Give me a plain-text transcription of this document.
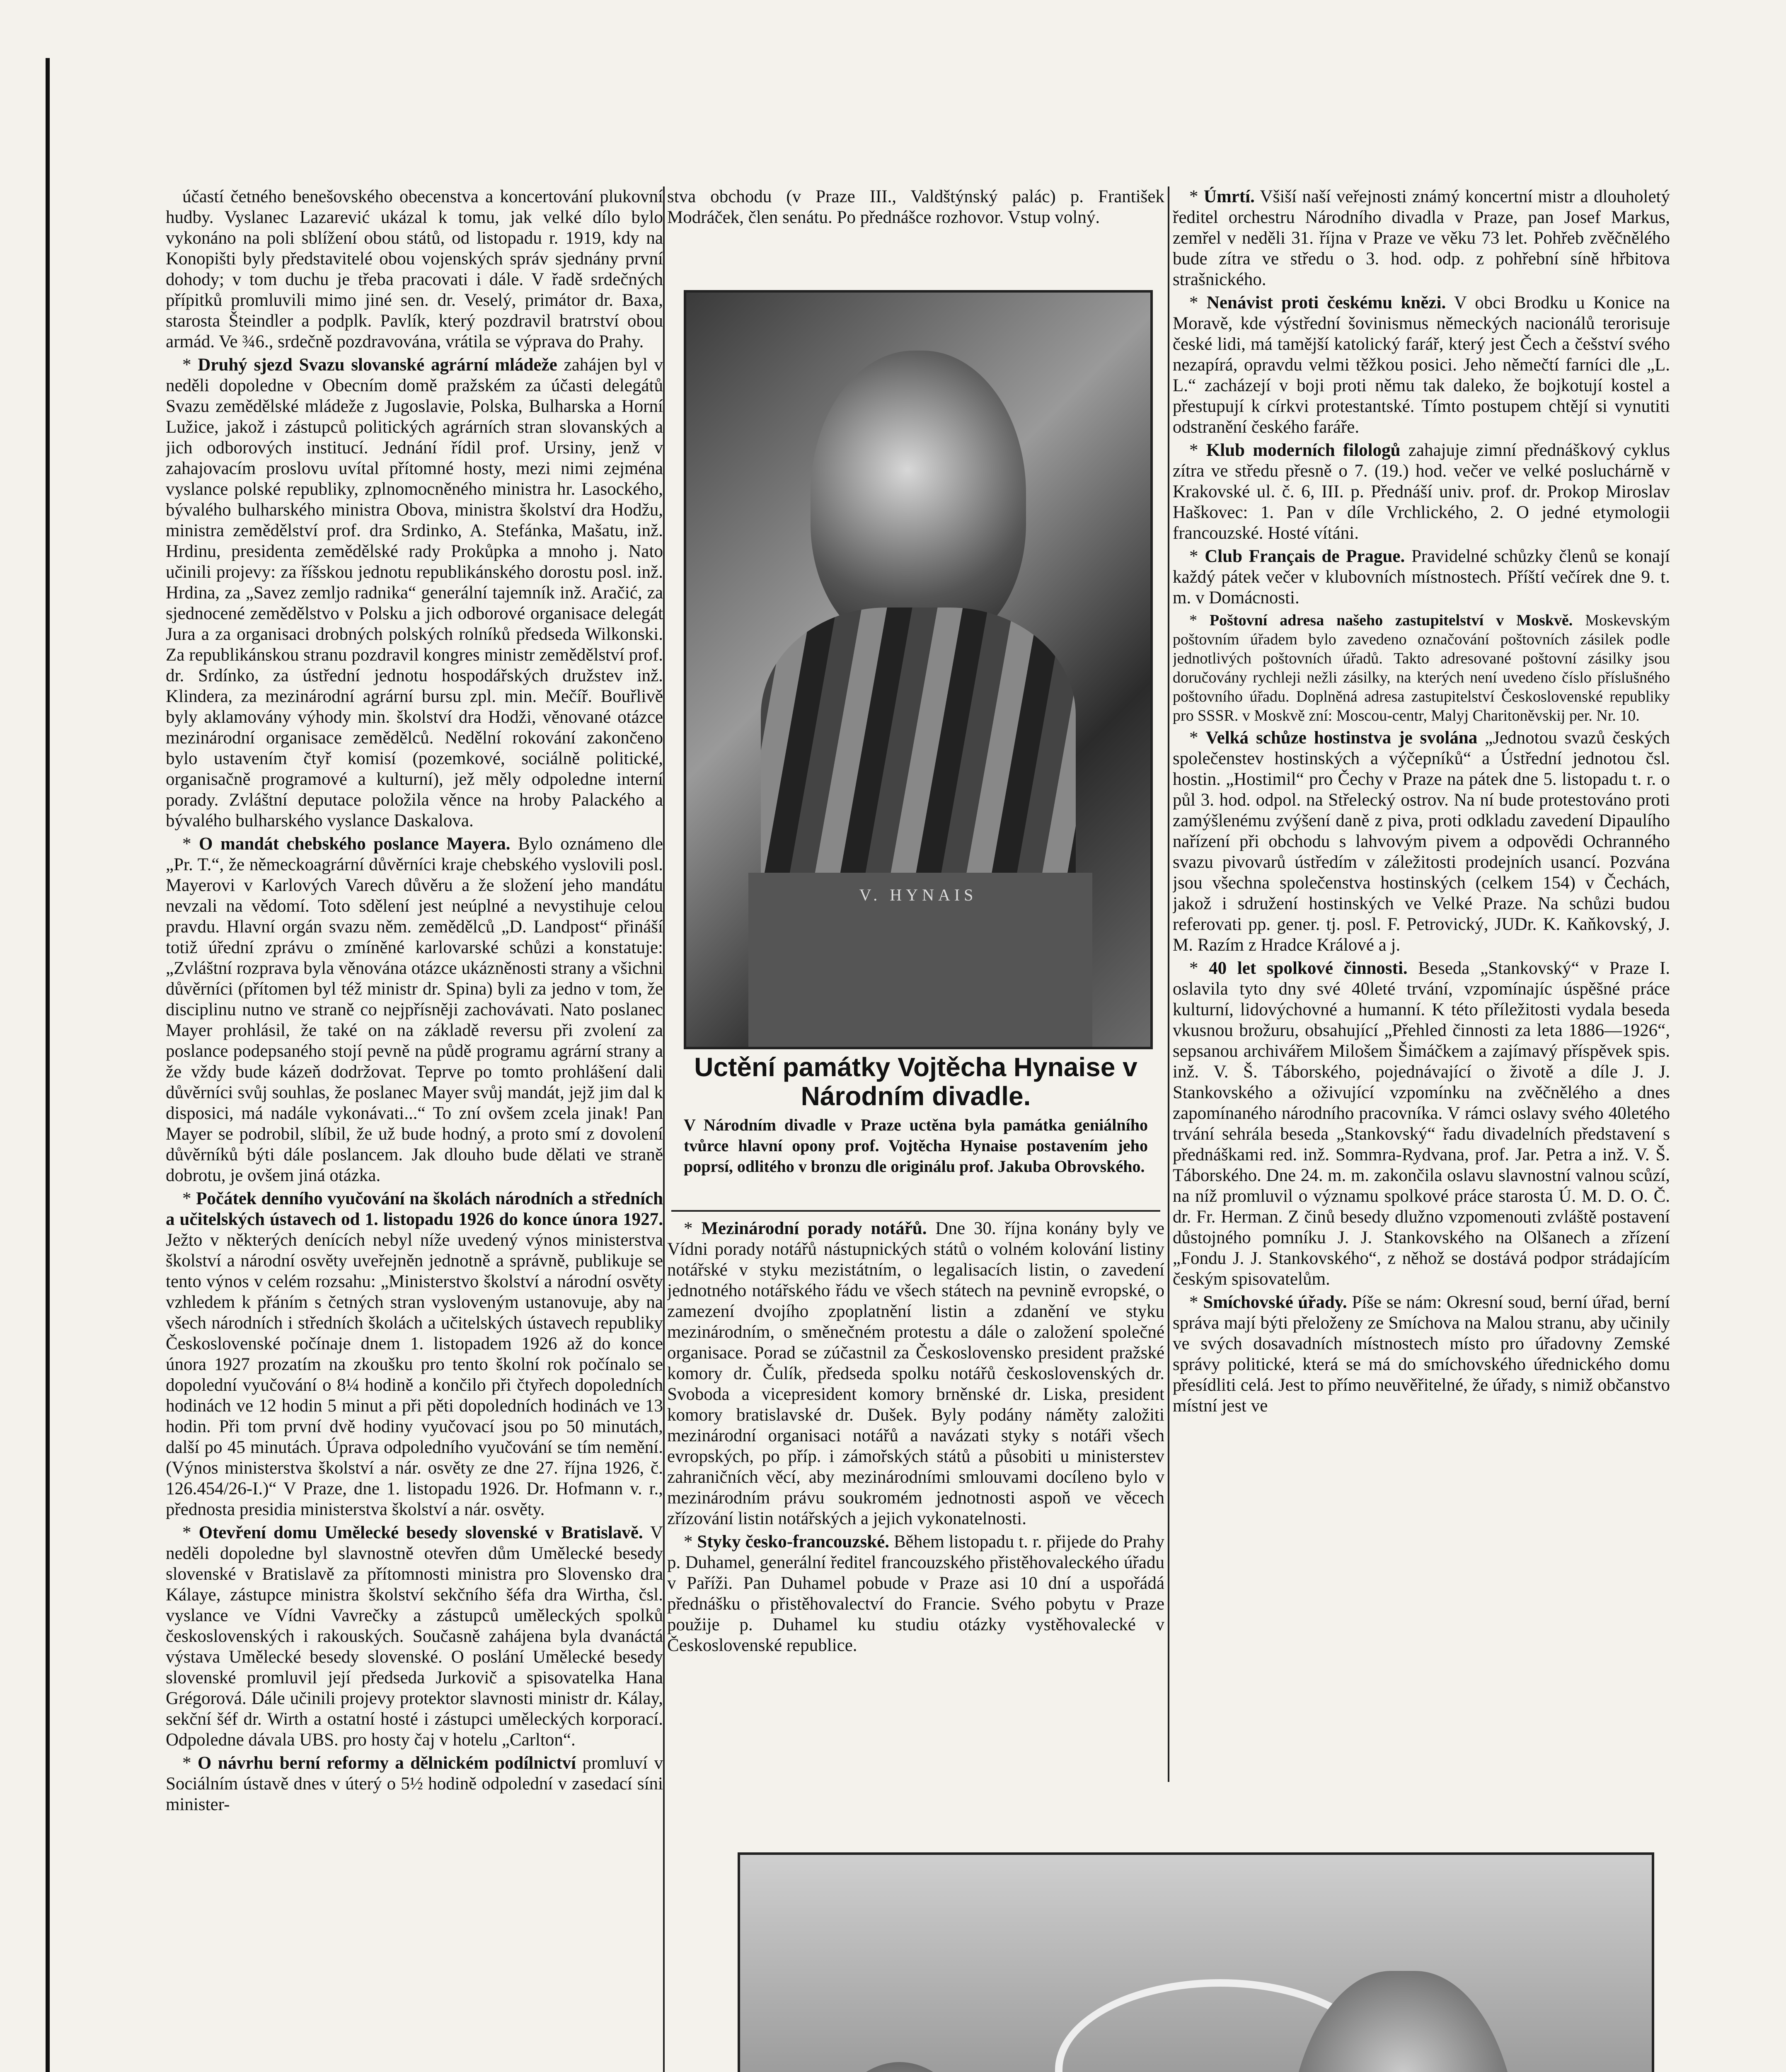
účastí četného benešovského obecenstva a koncertování plukovní hudby. Vyslanec Lazarević ukázal k tomu, jak velké dílo bylo vykonáno na poli sblížení obou států, od listopadu r. 1919, kdy na Konopišti byly představitelé obou vojenských správ sjednány první dohody; v tom duchu je třeba pracovati i dále. V řadě srdečných přípitků promluvili mimo jiné sen. dr. Veselý, primátor dr. Baxa, starosta Šteindler a podplk. Pavlík, který pozdravil bratrství obou armád. Ve ¾6., srdečně pozdravována, vrátila se výprava do Prahy.

* Druhý sjezd Svazu slovanské agrární mládeže zahájen byl v neděli dopoledne v Obecním domě pražském za účasti delegátů Svazu zemědělské mládeže z Jugoslavie, Polska, Bulharska a Horní Lužice, jakož i zástupců politických agrárních stran slovanských a jich odborových institucí. Jednání řídil prof. Ursiny, jenž v zahajovacím proslovu uvítal přítomné hosty, mezi nimi zejména vyslance polské republiky, zplnomocněného ministra hr. Lasockého, bývalého bulharského ministra Obova, ministra školství dra Hodžu, ministra zemědělství prof. dra Srdinko, A. Stefánka, Mašatu, inž. Hrdinu, presidenta zemědělské rady Prokůpka a mnoho j. Nato učinili projevy: za říšskou jednotu republikánského dorostu posl. inž. Hrdina, za „Savez zemljo radnika“ generální tajemník inž. Aračić, za sjednocené zemědělstvo v Polsku a jich odborové organisace delegát Jura a za organisaci drobných polských rolníků předseda Wilkonski. Za republikánskou stranu pozdravil kongres ministr zemědělství prof. dr. Srdínko, za ústřední jednotu hospodářských družstev inž. Klindera, za mezinárodní agrární bursu zpl. min. Mečíř. Bouřlivě byly aklamovány výhody min. školství dra Hodži, věnované otázce mezinárodní organisace zemědělců. Nedělní rokování zakončeno bylo ustavením čtyř komisí (pozemkové, sociálně politické, organisačně programové a kulturní), jež měly odpoledne interní porady. Zvláštní deputace položila věnce na hroby Palackého a bývalého bulharského vyslance Daskalova.

* O mandát chebského poslance Mayera. Bylo oznámeno dle „Pr. T.“, že německoagrární důvěrníci kraje chebského vyslovili posl. Mayerovi v Karlových Varech důvěru a že složení jeho mandátu nevzali na vědomí. Toto sdělení jest neúplné a nevystihuje celou pravdu. Hlavní orgán svazu něm. zemědělců „D. Landpost“ přináší totiž úřední zprávu o zmíněné karlovarské schůzi a konstatuje: „Zvláštní rozprava byla věnována otázce ukázněnosti strany a všichni důvěrníci (přítomen byl též ministr dr. Spina) byli za jedno v tom, že disciplinu nutno ve straně co nejpřísněji zachovávati. Nato poslanec Mayer prohlásil, že také on na základě reversu při zvolení za poslance podepsaného stojí pevně na půdě programu agrární strany a že vždy bude kázeň dodržovat. Teprve po tomto prohlášení dali důvěrníci svůj souhlas, že poslanec Mayer svůj mandát, jejž jim dal k disposici, má nadále vykonávati...“ To zní ovšem zcela jinak! Pan Mayer se podrobil, slíbil, že už bude hodný, a proto smí z dovolení důvěrníků býti dále poslancem. Jak dlouho bude dělati ve straně dobrotu, je ovšem jiná otázka.

* Počátek denního vyučování na školách národních a středních a učitelských ústavech od 1. listopadu 1926 do konce února 1927. Ježto v některých denících nebyl níže uvedený výnos ministerstva školství a národní osvěty uveřejněn jednotně a správně, publikuje se tento výnos v celém rozsahu: „Ministerstvo školství a národní osvěty vzhledem k přáním s četných stran vysloveným ustanovuje, aby na všech národních i středních školách a učitelských ústavech republiky Československé počínaje dnem 1. listopadem 1926 až do konce února 1927 prozatím na zkoušku pro tento školní rok počínalo se dopolední vyučování o 8¼ hodině a končilo při čtyřech dopoledních hodinách ve 12 hodin 5 minut a při pěti dopoledních hodinách ve 13 hodin. Při tom první dvě hodiny vyučovací jsou po 50 minutách, další po 45 minutách. Úprava odpoledního vyučování se tím nemění. (Výnos ministerstva školství a nár. osvěty ze dne 27. října 1926, č. 126.454/26-I.)“ V Praze, dne 1. listopadu 1926. Dr. Hofmann v. r., přednosta presidia ministerstva školství a nár. osvěty.

* Otevření domu Umělecké besedy slovenské v Bratislavě. V neděli dopoledne byl slavnostně otevřen dům Umělecké besedy slovenské v Bratislavě za přítomnosti ministra pro Slovensko dra Kálaye, zástupce ministra školství sekčního šéfa dra Wirtha, čsl. vyslance ve Vídni Vavrečky a zástupců uměleckých spolků československých i rakouských. Současně zahájena byla dvanáctá výstava Umělecké besedy slovenské. O poslání Umělecké besedy slovenské promluvil její předseda Jurkovič a spisovatelka Hana Grégorová. Dále učinili projevy protektor slavnosti ministr dr. Kálay, sekční šéf dr. Wirth a ostatní hosté i zástupci uměleckých korporací. Odpoledne dávala UBS. pro hosty čaj v hotelu „Carlton“.

* O návrhu berní reformy a dělnickém podílnictví promluví v Sociálním ústavě dnes v úterý o 5½ hodině odpolední v zasedací síni minister-

stva obchodu (v Praze III., Valdštýnský palác) p. František Modráček, člen senátu. Po přednášce rozhovor. Vstup volný.

V. HYNAIS
Uctění památky Vojtěcha Hynaise v Národním divadle.
V Národním divadle v Praze uctěna byla památka geniálního tvůrce hlavní opony prof. Vojtěcha Hynaise postavením jeho poprsí, odlitého v bronzu dle originálu prof. Jakuba Obrovského.

* Mezinárodní porady notářů. Dne 30. října konány byly ve Vídni porady notářů nástupnických států o volném kolování listiny notářské v styku mezistátním, o legalisacích listin, o zavedení jednotného notářského řádu ve všech státech na pevnině evropské, o zamezení dvojího zpoplatnění listin a zdanění ve styku mezinárodním, o směnečném protestu a dále o založení společné organisace. Porad se zúčastnil za Československo president pražské komory dr. Čulík, předseda spolku notářů československých dr. Svoboda a vicepresident komory brněnské dr. Liska, president komory bratislavské dr. Dušek. Byly podány náměty založiti mezinárodní organisaci notářů a navázati styky s notáři všech evropských, po příp. i zámořských států a působiti u ministerstev zahraničních věcí, aby mezinárodními smlouvami docíleno bylo v mezinárodním právu soukromém jednotnosti aspoň ve věcech zřízování listin notářských a jejich vykonatelnosti.

* Styky česko-francouzské. Během listopadu t. r. přijede do Prahy p. Duhamel, generální ředitel francouzského přistěhovaleckého úřadu v Paříži. Pan Duhamel pobude v Praze asi 10 dní a uspořádá přednášku o přistěhovalectví do Francie. Svého pobytu v Praze použije p. Duhamel ku studiu otázky vystěhovalecké v Československé republice.

* Úmrtí. Všiší naší veřejnosti známý koncertní mistr a dlouholetý ředitel orchestru Národního divadla v Praze, pan Josef Markus, zemřel v neděli 31. října v Praze ve věku 73 let. Pohřeb zvěčnělého bude zítra ve středu o 3. hod. odp. z pohřební síně hřbitova strašnického.

* Nenávist proti českému knězi. V obci Brodku u Konice na Moravě, kde výstřední šovinismus německých nacionálů terorisuje české lidi, má tamější katolický farář, který jest Čech a češství svého nezapírá, opravdu velmi těžkou posici. Jeho němečtí farníci dle „L. L.“ zacházejí v boji proti němu tak daleko, že bojkotují kostel a přestupují k církvi protestantské. Tímto postupem chtějí si vynutiti odstranění českého faráře.

* Klub moderních filologů zahajuje zimní přednáškový cyklus zítra ve středu přesně o 7. (19.) hod. večer ve velké posluchárně v Krakovské ul. č. 6, III. p. Přednáší univ. prof. dr. Prokop Miroslav Haškovec: 1. Pan v díle Vrchlického, 2. O jedné etymologii francouzské. Hosté vítáni.

* Club Français de Prague. Pravidelné schůzky členů se konají každý pátek večer v klubovních místnostech. Příští večírek dne 9. t. m. v Domácnosti.

* Poštovní adresa našeho zastupitelství v Moskvě. Moskevským poštovním úřadem bylo zavedeno označování poštovních zásilek podle jednotlivých poštovních úřadů. Takto adresované poštovní zásilky jsou doručovány rychleji nežli zásilky, na kterých není uvedeno číslo příslušného poštovního úřadu. Doplněná adresa zastupitelství Československé republiky pro SSSR. v Moskvě zní: Moscou-centr, Malyj Charitoněvskij per. Nr. 10.

* Velká schůze hostinstva je svolána „Jednotou svazů českých společenstev hostinských a výčepníků“ a Ústřední jednotou čsl. hostin. „Hostimil“ pro Čechy v Praze na pátek dne 5. listopadu t. r. o půl 3. hod. odpol. na Střelecký ostrov. Na ní bude protestováno proti zamýšlenému zvýšení daně z piva, proti odkladu zavedení Dipaulího nařízení při obchodu s lahvovým pivem a odpovědi Ochranného svazu pivovarů ústředím v záležitosti prodejních usancí. Pozvána jsou všechna společenstva hostinských (celkem 154) v Čechách, jakož i sdružení hostinských ve Velké Praze. Na schůzi budou referovati pp. gener. tj. posl. F. Petrovický, JUDr. K. Kaňkovský, J. M. Razím z Hradce Králové a j.

* 40 let spolkové činnosti. Beseda „Stankovský“ v Praze I. oslavila tyto dny své 40leté trvání, vzpomínajíc úspěšné práce kulturní, lidovýchovné a humanní. K této příležitosti vydala beseda vkusnou brožuru, obsahující „Přehled činnosti za leta 1886—1926“, sepsanou archivářem Milošem Šimáčkem a zajímavý příspěvek spis. inž. V. Š. Táborského, pojednávající o životě a díle J. J. Stankovského a oživující vzpomínku na zvěčnělého a dnes zapomínaného národního pracovníka. V rámci oslavy svého 40letého trvání sehrála beseda „Stankovský“ řadu divadelních představení s přednáškami red. inž. Sommra-Rydvana, prof. Jar. Petra a inž. V. Š. Táborského. Dne 24. m. m. zakončila oslavu slavnostní valnou scůzí, na níž promluvil o významu spolkové práce starosta Ú. M. D. O. Č. dr. Fr. Herman. Z činů besedy dlužno vzpomenouti zvláště postavení důstojného pomníku J. J. Stankovského na Olšanech a zřízení „Fondu J. J. Stankovského“, z něhož se dostává podpor strádajícím českým spisovatelům.

* Smíchovské úřady. Píše se nám: Okresní soud, berní úřad, berní správa mají býti přeloženy ze Smíchova na Malou stranu, aby učinily ve svých dosavadních místnostech místo pro úřadovny Zemské správy politické, která se má do smíchovského úřednického domu přesídliti celá. Jest to přímo neuvěřitelné, že úřady, s nimiž občanstvo místní jest ve
